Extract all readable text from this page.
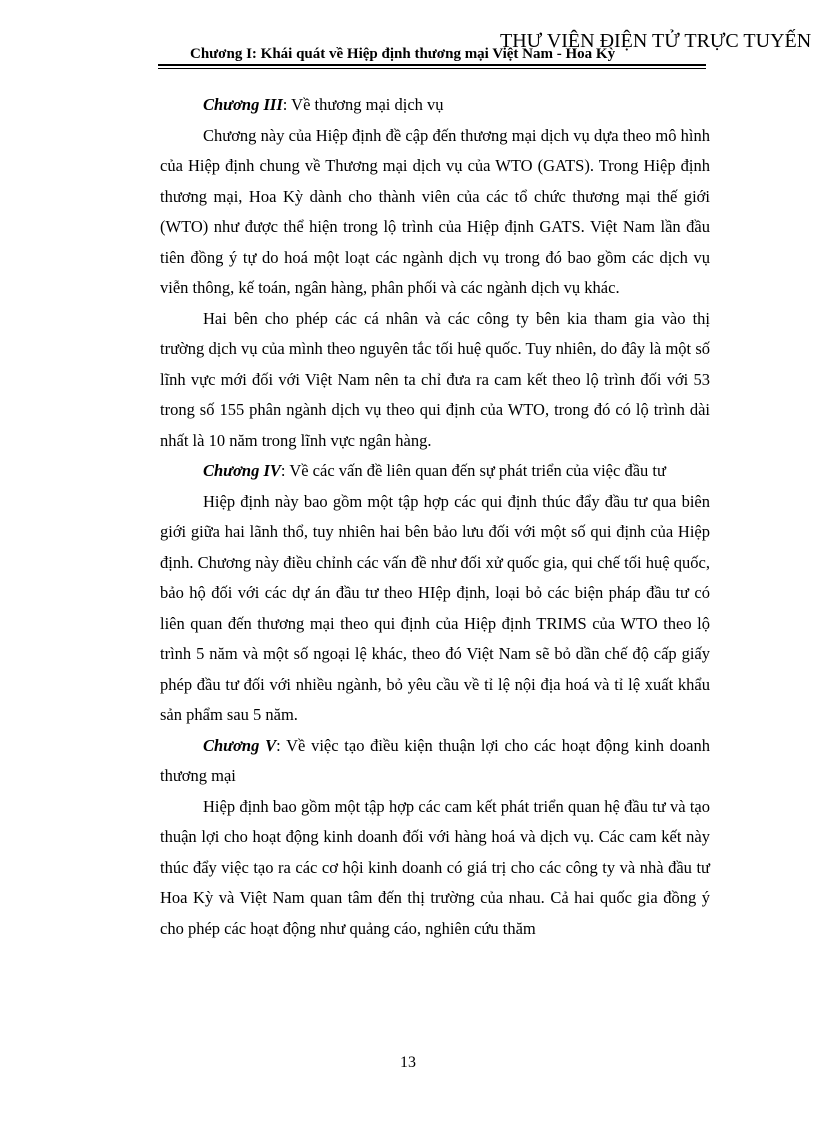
Chương I: Khái quát về Hiệp định thương mại Việt Nam - Hoa Kỳ
THƯ VIỆN ĐIỆN TỬ TRỰC TUYẾN

Chương III: Về thương mại dịch vụ

Chương này của Hiệp định đề cập đến thương mại dịch vụ dựa theo mô hình của Hiệp định chung về Thương mại dịch vụ của WTO (GATS). Trong Hiệp định thương mại, Hoa Kỳ dành cho thành viên của các tổ chức thương mại thế giới (WTO) như được thể hiện trong lộ trình của Hiệp định GATS. Việt Nam lần đầu tiên đồng ý tự do hoá một loạt các ngành dịch vụ trong đó bao gồm các dịch vụ viễn thông, kế toán, ngân hàng, phân phối và các ngành dịch vụ khác.

Hai bên cho phép các cá nhân và các công ty bên kia tham gia vào thị trường dịch vụ của mình theo nguyên tắc tối huệ quốc. Tuy nhiên, do đây là một số lĩnh vực mới đối với Việt Nam nên ta chỉ đưa ra cam kết theo lộ trình đối với 53 trong số 155 phân ngành dịch vụ theo qui định của WTO, trong đó có lộ trình dài nhất là 10 năm trong lĩnh vực ngân hàng.

Chương IV: Về các vấn đề liên quan đến sự phát triển của việc đầu tư

Hiệp định này bao gồm một tập hợp các qui định thúc đẩy đầu tư qua biên giới giữa hai lãnh thổ, tuy nhiên hai bên bảo lưu đối với một số qui định của Hiệp định. Chương này điều chỉnh các vấn đề như đối xử quốc gia, qui chế tối huệ quốc, bảo hộ đối với các dự án đầu tư theo HIệp định, loại bỏ các biện pháp đầu tư có liên quan đến thương mại theo qui định của Hiệp định TRIMS của WTO theo lộ trình 5 năm và một số ngoại lệ khác, theo đó Việt Nam sẽ bỏ dần chế độ cấp giấy phép đầu tư đối với nhiều ngành, bỏ yêu cầu về tỉ lệ nội địa hoá và tỉ lệ xuất khẩu sản phẩm sau 5 năm.

Chương V: Về việc tạo điều kiện thuận lợi cho các hoạt động kinh doanh thương mại

Hiệp định bao gồm một tập hợp các cam kết phát triển quan hệ đầu tư và tạo thuận lợi cho hoạt động kinh doanh đối với hàng hoá và dịch vụ. Các cam kết này thúc đẩy việc tạo ra các cơ hội kinh doanh có giá trị cho các công ty và nhà đầu tư Hoa Kỳ và Việt Nam quan tâm đến thị trường của nhau. Cả hai quốc gia đồng ý cho phép các hoạt động như quảng cáo, nghiên cứu thăm

13
